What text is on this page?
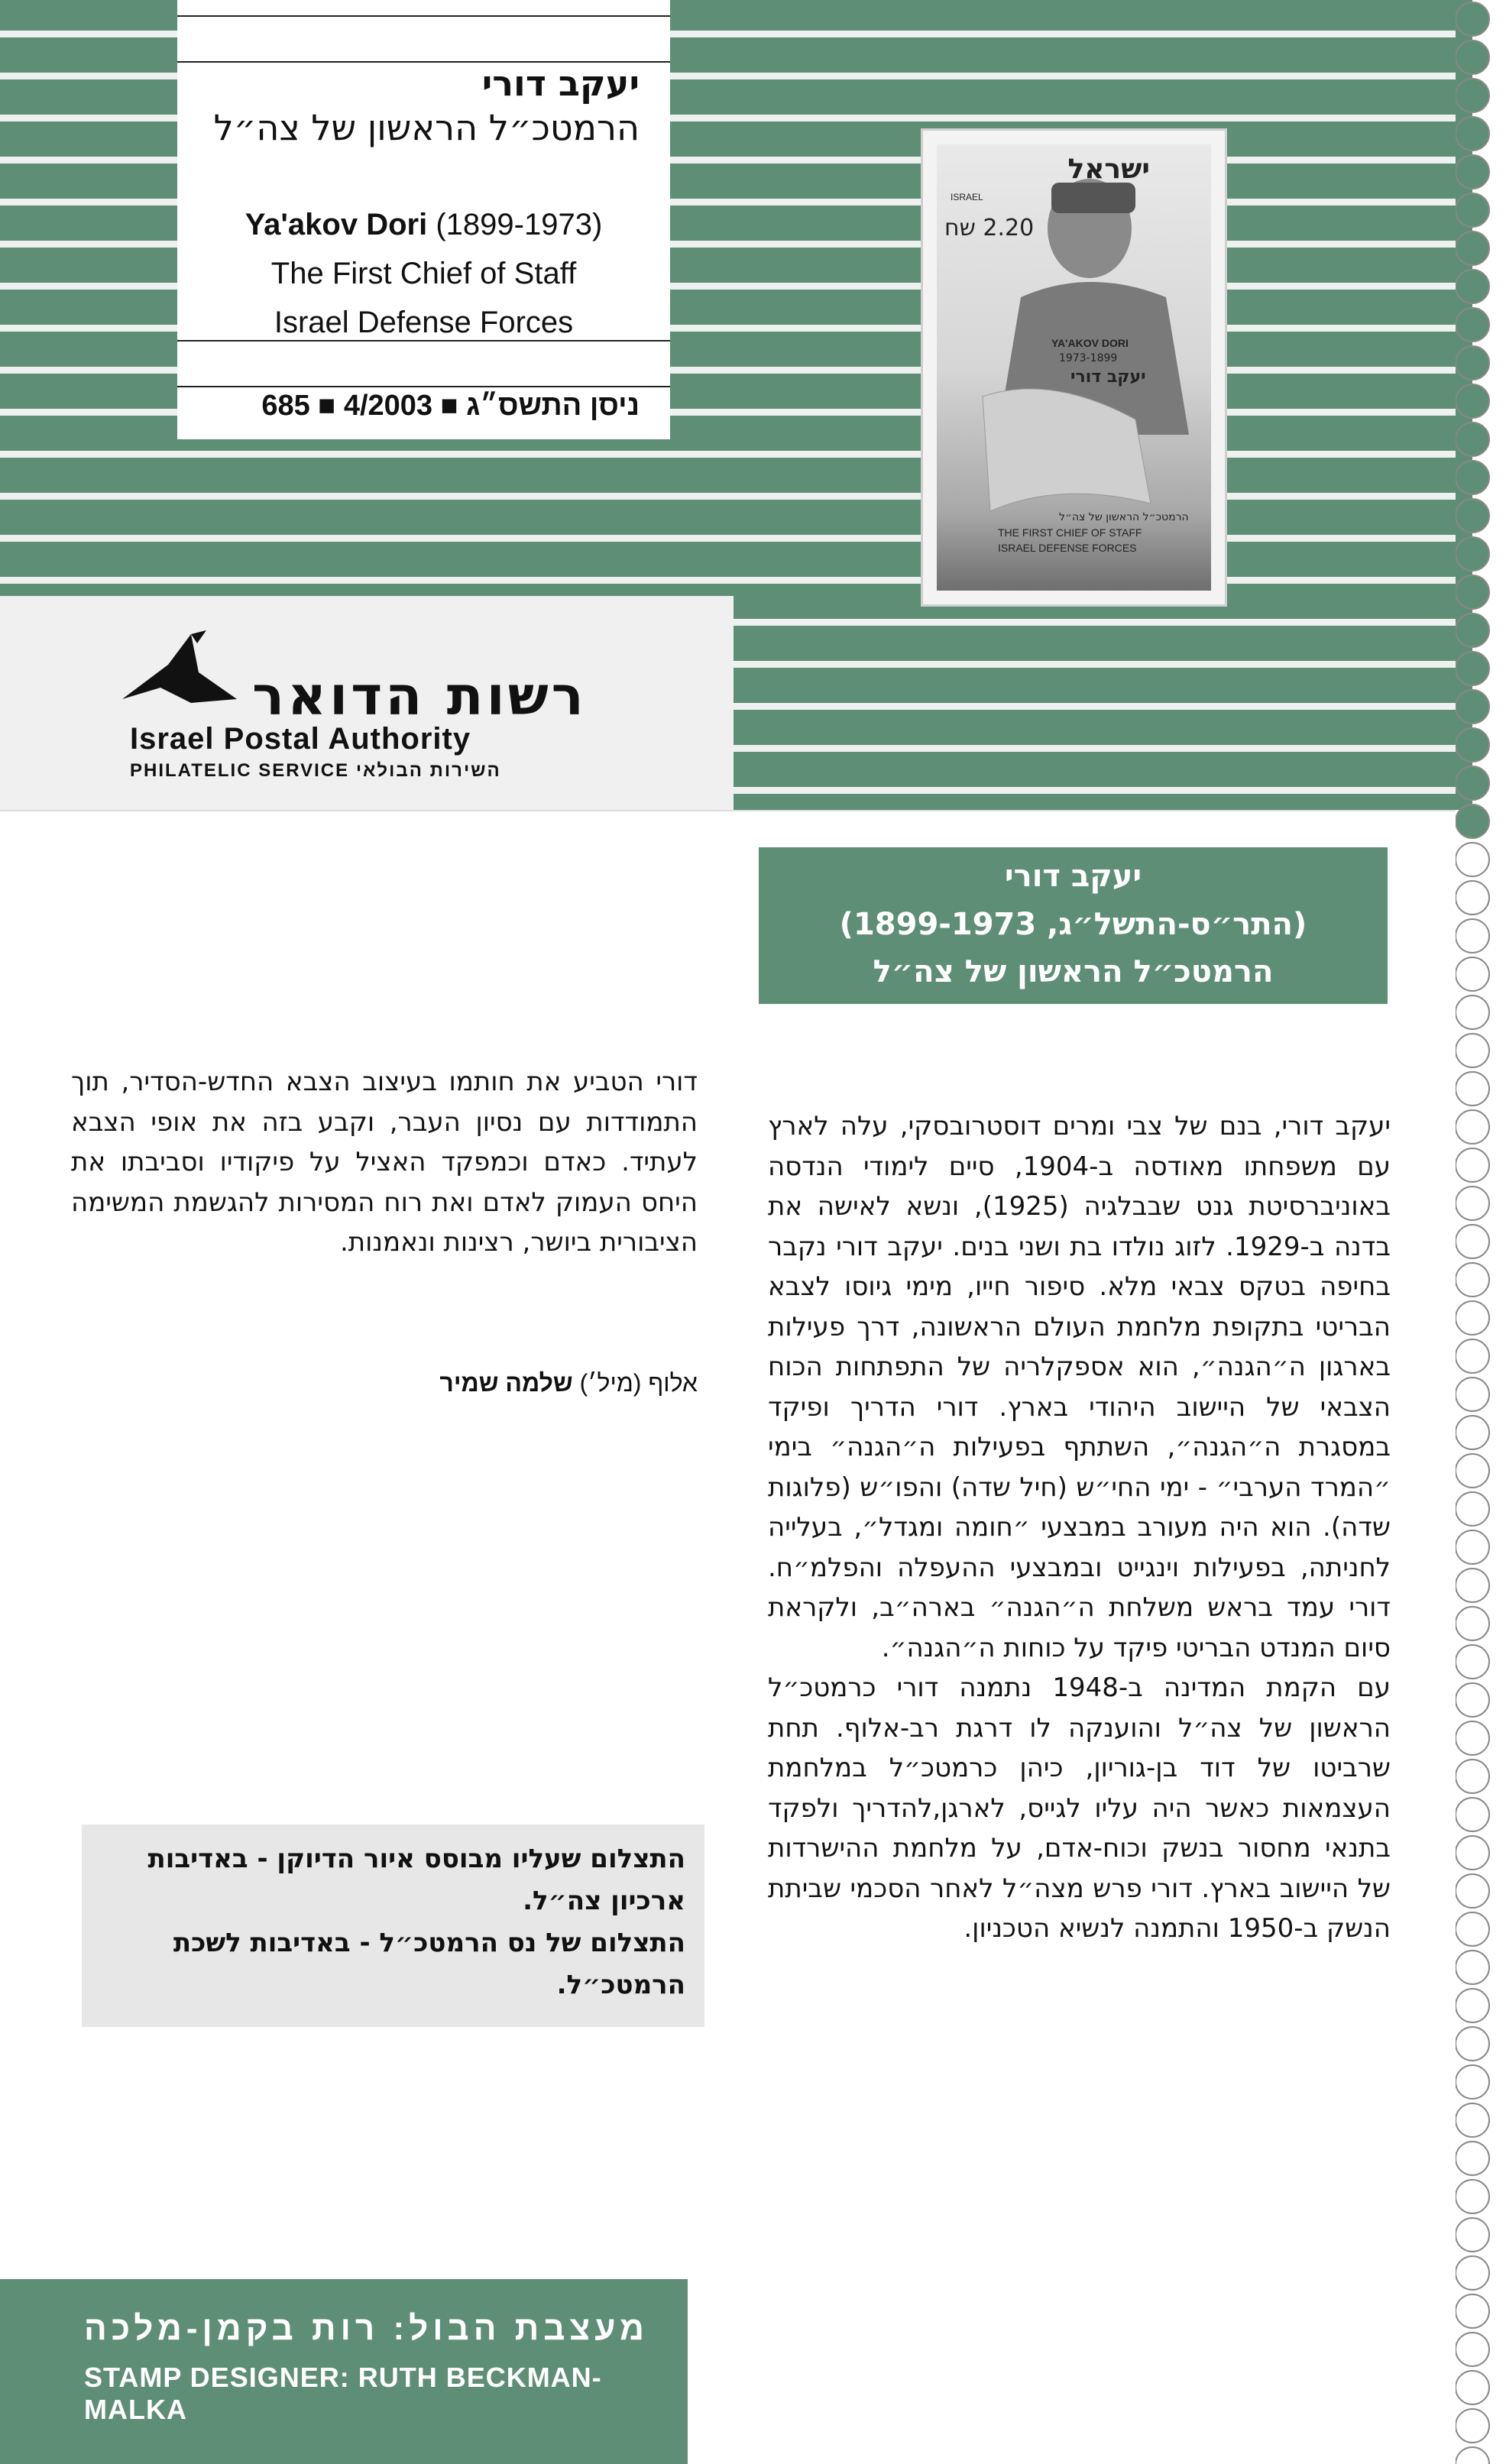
יעקב דורי
הרמטכ״ל הראשון של צה״ל
Ya'akov Dori (1899-1973)
The First Chief of Staff
Israel Defense Forces
685 ■ 4/2003 ■ ניסן התשס״ג
ישראל
ISRAEL
2.20 שח
YA'AKOV DORI
1973-1899
יעקב דורי
הרמטכ״ל הראשון של צה״ל
THE FIRST CHIEF OF STAFF
ISRAEL DEFENSE FORCES
רשות הדואר
Israel Postal Authority
PHILATELIC SERVICE השירות הבולאי
יעקב דורי
(התר״ס-התשל״ג, 1899-1973)
הרמטכ״ל הראשון של צה״ל
יעקב דורי, בנם של צבי ומרים דוסטרובסקי, עלה לארץ עם משפחתו מאודסה ב-1904, סיים לימודי הנדסה באוניברסיטת גנט שבבלגיה (1925), ונשא לאישה את בדנה ב-1929. לזוג נולדו בת ושני בנים. יעקב דורי נקבר בחיפה בטקס צבאי מלא. סיפור חייו, מימי גיוסו לצבא הבריטי בתקופת מלחמת העולם הראשונה, דרך פעילות בארגון ה״הגנה״, הוא אספקלריה של התפתחות הכוח הצבאי של היישוב היהודי בארץ. דורי הדריך ופיקד במסגרת ה״הגנה״, השתתף בפעילות ה״הגנה״ בימי ״המרד הערבי״ - ימי החי״ש (חיל שדה) והפו״ש (פלוגות שדה). הוא היה מעורב במבצעי ״חומה ומגדל״, בעלייה לחניתה, בפעילות וינגייט ובמבצעי ההעפלה והפלמ״ח. דורי עמד בראש משלחת ה״הגנה״ בארה״ב, ולקראת סיום המנדט הבריטי פיקד על כוחות ה״הגנה״.
עם הקמת המדינה ב-1948 נתמנה דורי כרמטכ״ל הראשון של צה״ל והוענקה לו דרגת רב-אלוף. תחת שרביטו של דוד בן-גוריון, כיהן כרמטכ״ל במלחמת העצמאות כאשר היה עליו לגייס, לארגן,להדריך ולפקד בתנאי מחסור בנשק וכוח-אדם, על מלחמת ההישרדות של היישוב בארץ. דורי פרש מצה״ל לאחר הסכמי שביתת הנשק ב-1950 והתמנה לנשיא הטכניון.
דורי הטביע את חותמו בעיצוב הצבא החדש-הסדיר, תוך התמודדות עם נסיון העבר, וקבע בזה את אופי הצבא לעתיד. כאדם וכמפקד האציל על פיקודיו וסביבתו את היחס העמוק לאדם ואת רוח המסירות להגשמת המשימה הציבורית ביושר, רצינות ונאמנות.
אלוף (מיל׳) שלמה שמיר
התצלום שעליו מבוסס איור הדיוקן - באדיבות
ארכיון צה״ל.
התצלום של נס הרמטכ״ל - באדיבות לשכת
הרמטכ״ל.
מעצבת הבול: רות בקמן-מלכה
STAMP DESIGNER: RUTH BECKMAN-MALKA
